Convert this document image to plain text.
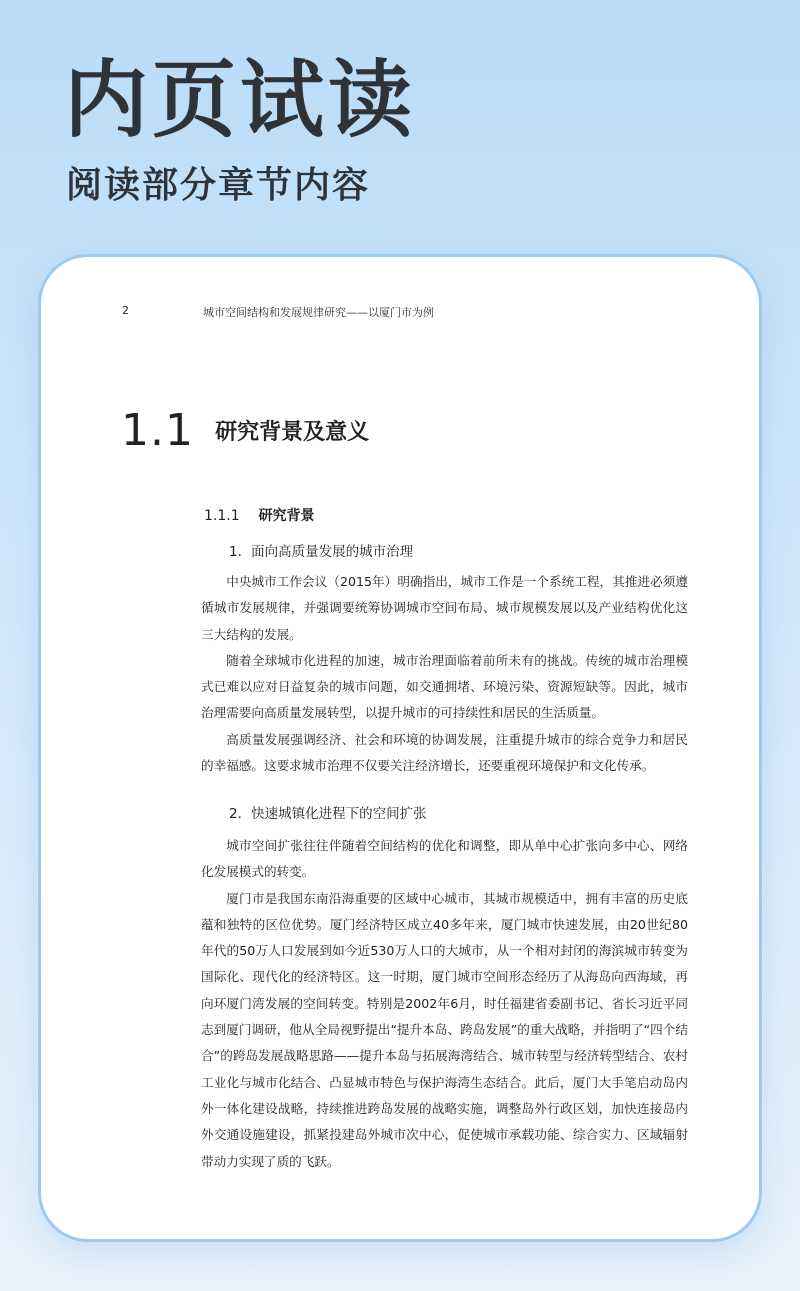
内页试读
阅读部分章节内容
2	城市空间结构和发展规律研究——以厦门市为例
1.1 研究背景及意义
1.1.1 研究背景
1．面向高质量发展的城市治理

中央城市工作会议（2015年）明确指出，城市工作是一个系统工程，其推进必须遵循城市发展规律，并强调要统筹协调城市空间布局、城市规模发展以及产业结构优化这三大结构的发展。

随着全球城市化进程的加速，城市治理面临着前所未有的挑战。传统的城市治理模式已难以应对日益复杂的城市问题，如交通拥堵、环境污染、资源短缺等。因此，城市治理需要向高质量发展转型，以提升城市的可持续性和居民的生活质量。

高质量发展强调经济、社会和环境的协调发展，注重提升城市的综合竞争力和居民的幸福感。这要求城市治理不仅要关注经济增长，还要重视环境保护和文化传承。

2．快速城镇化进程下的空间扩张

城市空间扩张往往伴随着空间结构的优化和调整，即从单中心扩张向多中心、网络化发展模式的转变。

厦门市是我国东南沿海重要的区域中心城市，其城市规模适中，拥有丰富的历史底蕴和独特的区位优势。厦门经济特区成立40多年来，厦门城市快速发展，由20世纪80年代的50万人口发展到如今近530万人口的大城市，从一个相对封闭的海滨城市转变为国际化、现代化的经济特区。这一时期，厦门城市空间形态经历了从海岛向西海域，再向环厦门湾发展的空间转变。特别是2002年6月，时任福建省委副书记、省长习近平同志到厦门调研，他从全局视野提出“提升本岛、跨岛发展”的重大战略，并指明了“四个结合”的跨岛发展战略思路——提升本岛与拓展海湾结合、城市转型与经济转型结合、农村工业化与城市化结合、凸显城市特色与保护海湾生态结合。此后，厦门大手笔启动岛内外一体化建设战略，持续推进跨岛发展的战略实施，调整岛外行政区划，加快连接岛内外交通设施建设，抓紧投建岛外城市次中心，促使城市承载功能、综合实力、区域辐射带动力实现了质的飞跃。
